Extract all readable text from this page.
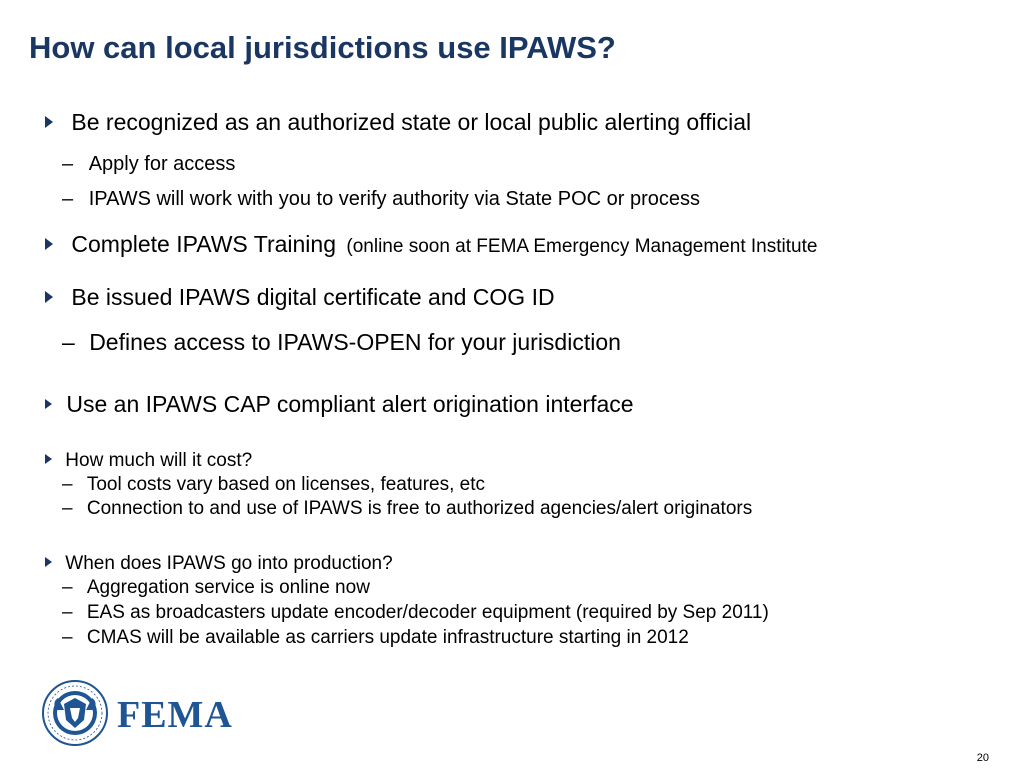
How can local jurisdictions use IPAWS?
Be recognized as an authorized state or local public alerting official
– Apply for access
– IPAWS will work with you to verify authority via State POC or process
Complete IPAWS Training (online soon at FEMA Emergency Management Institute
Be issued IPAWS digital certificate and COG ID
– Defines access to IPAWS-OPEN for your jurisdiction
Use an IPAWS CAP compliant alert origination interface
How much will it cost?
– Tool costs vary based on licenses, features, etc
– Connection to and use of IPAWS is free to authorized agencies/alert originators
When does IPAWS go into production?
– Aggregation service is online now
– EAS as broadcasters update encoder/decoder equipment (required by Sep 2011)
– CMAS will be available as carriers update infrastructure starting in 2012
FEMA
20
